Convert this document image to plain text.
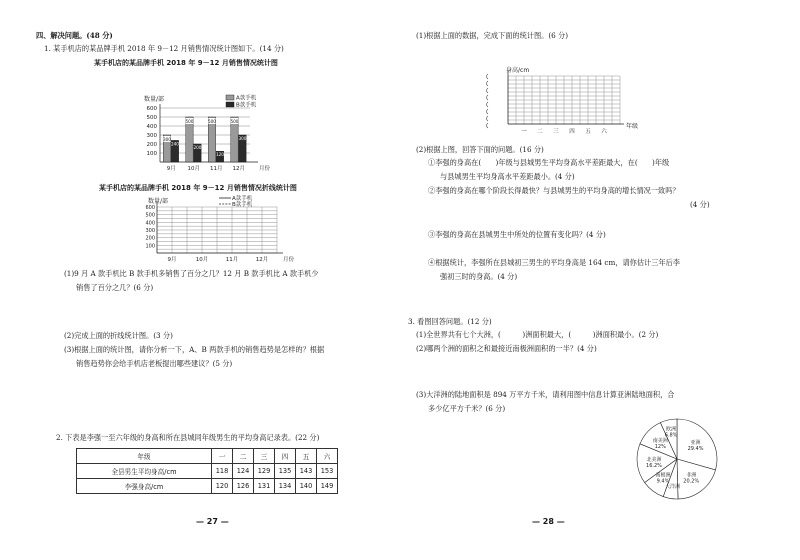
四、解决问题。(48 分)
1. 某手机店的某品牌手机 2018 年 9－12 月销售情况统计图如下。(14 分)
某手机店的某品牌手机 2018 年 9－12 月销售情况统计图
数量/部
100
200
300
400
500
600
300
240
500
200
500
120
500
300
9月 10月 11月 12月	月份
A款手机
B款手机
某手机店的某品牌手机 2018 年 9－12 月销售情况折线统计图
数量/部
100
200
300
400
500
600
9月	10月	11月	12月	月份
A款手机
B款手机
(1)9 月 A 款手机比 B 款手机多销售了百分之几？12 月 B 款手机比 A 款手机少
销售了百分之几？(6 分)
(2)完成上面的折线统计图。(3 分)
(3)根据上面的统计图，请你分析一下，A、B 两款手机的销售趋势是怎样的？根据
销售趋势你会给手机店老板提出哪些建议？(5 分)
2. 下表是李强一至六年级的身高和所在县城同年级男生的平均身高记录表。(22 分)
年级	一	二	三	四	五	六
全县男生平均身高/cm	118	124	129	135	143	153
李强身高/cm	120	126	131	134	140	149
— 27 —
(1)根据上面的数据，完成下面的统计图。(6 分)
身高/cm
一 二 三 四 五 六
年级
(2)根据上图，回答下面的问题。(16 分)
①李强的身高在(　　)年级与县城男生平均身高水平差距最大，在(　　)年级
与县城男生平均身高水平差距最小。(4 分)
②李强的身高在哪个阶段长得最快？与县城男生的平均身高的增长情况一致吗？
(4 分)
③李强的身高在县城男生中所处的位置有变化吗？(4 分)
④根据统计，李强所在县城初三男生的平均身高是 164 cm，请你估计三年后李
强初三时的身高。(4 分)
3. 看图回答问题。(12 分)
(1)全世界共有七个大洲，(　　　)洲面积最大，(　　　)洲面积最小。(2 分)
(2)哪两个洲的面积之和最接近南极洲面积的一半？(4 分)
(3)大洋洲的陆地面积是 894 万平方千米，请利用图中信息计算亚洲陆地面积，合
多少亿平方千米？(6 分)
亚洲
29.4%
非洲
20.2%
大洋洲
南极洲
9.4%
北美洲
16.2%
南美洲
12%
欧洲
6.8%
— 28 —
